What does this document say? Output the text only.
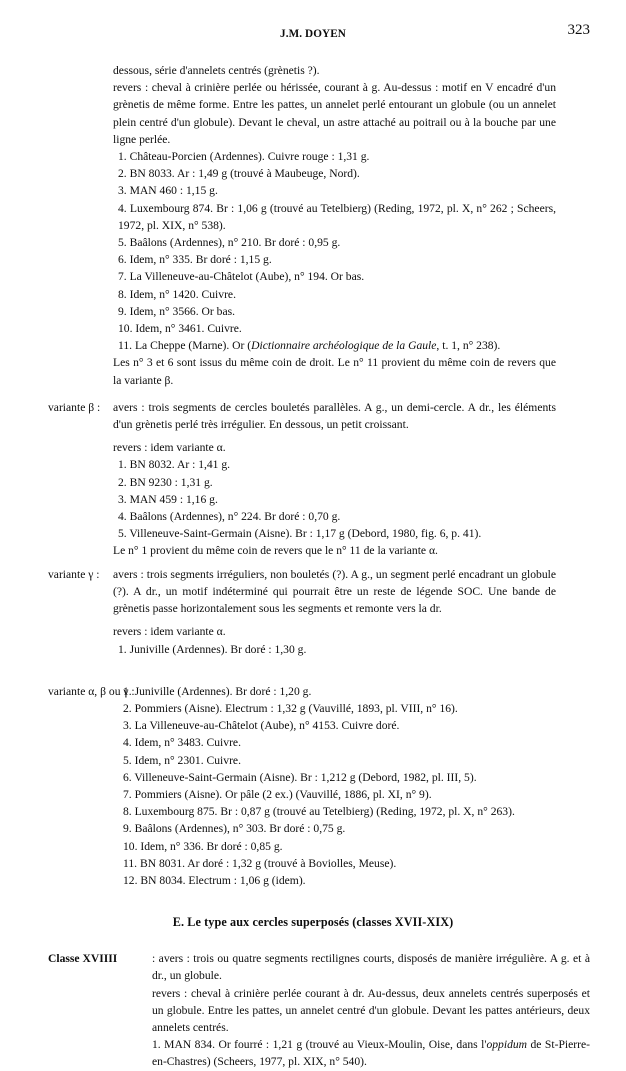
J.M. DOYEN	323

dessous, série d'annelets centrés (grènetis ?).

revers : cheval à crinière perlée ou hérissée, courant à g. Au-dessus : motif en V encadré d'un grènetis de même forme. Entre les pattes, un annelet perlé entourant un globule (ou un annelet plein centré d'un globule). Devant le cheval, un astre attaché au poitrail ou à la bouche par une ligne perlée.

1. Château-Porcien (Ardennes). Cuivre rouge : 1,31 g.
2. BN 8033. Ar : 1,49 g (trouvé à Maubeuge, Nord).
3. MAN 460 : 1,15 g.
4. Luxembourg 874. Br : 1,06 g (trouvé au Tetelbierg) (Reding, 1972, pl. X, n° 262 ; Scheers, 1972, pl. XIX, n° 538).
5. Baâlons (Ardennes), n° 210. Br doré : 0,95 g.
6. Idem, n° 335. Br doré : 1,15 g.
7. La Villeneuve-au-Châtelot (Aube), n° 194. Or bas.
8. Idem, n° 1420. Cuivre.
9. Idem, n° 3566. Or bas.
10. Idem, n° 3461. Cuivre.
11. La Cheppe (Marne). Or (Dictionnaire archéologique de la Gaule, t. 1, n° 238).

Les n° 3 et 6 sont issus du même coin de droit. Le n° 11 provient du même coin de revers que la variante β.

variante β :	avers : trois segments de cercles bouletés parallèles. A g., un demi-cercle. A dr., les éléments d'un grènetis perlé très irrégulier. En dessous, un petit croissant.

revers : idem variante α.

1. BN 8032. Ar : 1,41 g.
2. BN 9230 : 1,31 g.
3. MAN 459 : 1,16 g.
4. Baâlons (Ardennes), n° 224. Br doré : 0,70 g.
5. Villeneuve-Saint-Germain (Aisne). Br : 1,17 g (Debord, 1980, fig. 6, p. 41).

Le n° 1 provient du même coin de revers que le n° 11 de la variante α.

variante γ :	avers : trois segments irréguliers, non bouletés (?). A g., un segment perlé encadrant un globule (?). A dr., un motif indéterminé qui pourrait être un reste de légende SOC. Une bande de grènetis passe horizontalement sous les segments et remonte vers la dr.

revers : idem variante α.

1. Juniville (Ardennes). Br doré : 1,30 g.
variante α, β ou γ :
1. Juniville (Ardennes). Br doré : 1,20 g.
2. Pommiers (Aisne). Electrum : 1,32 g (Vauvillé, 1893, pl. VIII, n° 16).
3. La Villeneuve-au-Châtelot (Aube), n° 4153. Cuivre doré.
4. Idem, n° 3483. Cuivre.
5. Idem, n° 2301. Cuivre.
6. Villeneuve-Saint-Germain (Aisne). Br : 1,212 g (Debord, 1982, pl. III, 5).
7. Pommiers (Aisne). Or pâle (2 ex.) (Vauvillé, 1886, pl. XI, n° 9).
8. Luxembourg 875. Br : 0,87 g (trouvé au Tetelbierg) (Reding, 1972, pl. X, n° 263).
9. Baâlons (Ardennes), n° 303. Br doré : 0,75 g.
10. Idem, n° 336. Br doré : 0,85 g.
11. BN 8031. Ar doré : 1,32 g (trouvé à Boviolles, Meuse).
12. BN 8034. Electrum : 1,06 g (idem).

E. Le type aux cercles superposés (classes XVII-XIX)

Classe XVIIII	: avers : trois ou quatre segments rectilignes courts, disposés de manière irrégulière. A g. et à dr., un globule.

revers : cheval à crinière perlée courant à dr. Au-dessus, deux annelets centrés superposés et un globule. Entre les pattes, un annelet centré d'un globule. Devant les pattes antérieurs, deux annelets centrés.

1. MAN 834. Or fourré : 1,21 g (trouvé au Vieux-Moulin, Oise, dans l'oppidum de St-Pierre-en-Chastres) (Scheers, 1977, pl. XIX, n° 540).
